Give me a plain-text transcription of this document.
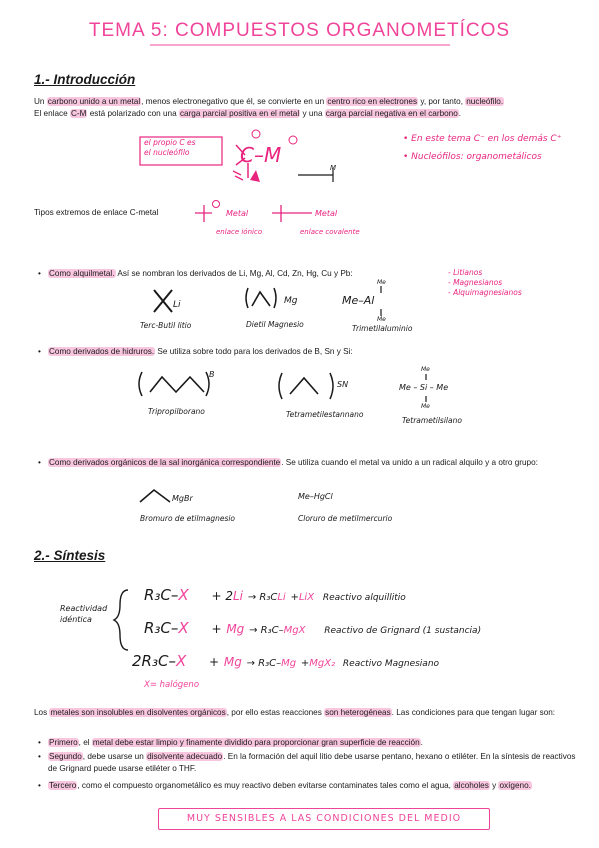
TEMA 5: COMPUESTOS ORGANOMETÍCOS
1.- Introducción
Un carbono unido a un metal, menos electronegativo que él, se convierte en un centro rico en electrones y, por tanto, nucleófilo.
El enlace C-M está polarizado con una carga parcial positiva en el metal y una carga parcial negativa en el carbono.
el propio C es
el nucleófilo	C–M
M
• En este tema C⁻ en los demás C⁺
• Nucleófilos: organometálicos
Tipos extremos de enlace C-metal	Metal	Metal
enlace iónico	enlace covalente
• Como alquilmetal. Así se nombran los derivados de Li, Mg, Al, Cd, Zn, Hg, Cu y Pb:	- Litianos
- Magnesianos
- Alquimagnesianos
Li	Mg
Me
Me–Al
Me
Terc-Butil litio	Dietil Magnesio	Trimetilaluminio
• Como derivados de hidruros. Se utiliza sobre todo para los derivados de B, Sn y Si:
B
SN
Me
Me – Si – Me
Me
Tripropilborano	Tetrametilestannano
Tetrametilsilano
• Como derivados orgánicos de la sal inorgánica correspondiente. Se utiliza cuando el metal va unido a un radical alquilo y a otro grupo:
MgBr	Me–HgCl
Bromuro de etilmagnesio	Cloruro de metilmercurio
2.- Síntesis
Reactividad
idéntica
R₃C–X + 2Li → R₃CLi +LiX Reactivo alquillitio
R₃C–X + Mg → R₃C–MgX Reactivo de Grignard (1 sustancia)
2R₃C–X + Mg → R₃C–Mg +MgX₂ Reactivo Magnesiano
X= halógeno
Los metales son insolubles en disolventes orgánicos, por ello estas reacciones son heterogéneas. Las condiciones para que tengan lugar son:
• Primero, el metal debe estar limpio y finamente dividido para proporcionar gran superficie de reacción.
• Segundo, debe usarse un disolvente adecuado. En la formación del aquil litio debe usarse pentano, hexano o etiléter. En la síntesis de reactivos de Grignard puede usarse etiléter o THF.
• Tercero, como el compuesto organometálico es muy reactivo deben evitarse contaminates tales como el agua, alcoholes y oxígeno.
MUY SENSIBLES A LAS CONDICIONES DEL MEDIO
